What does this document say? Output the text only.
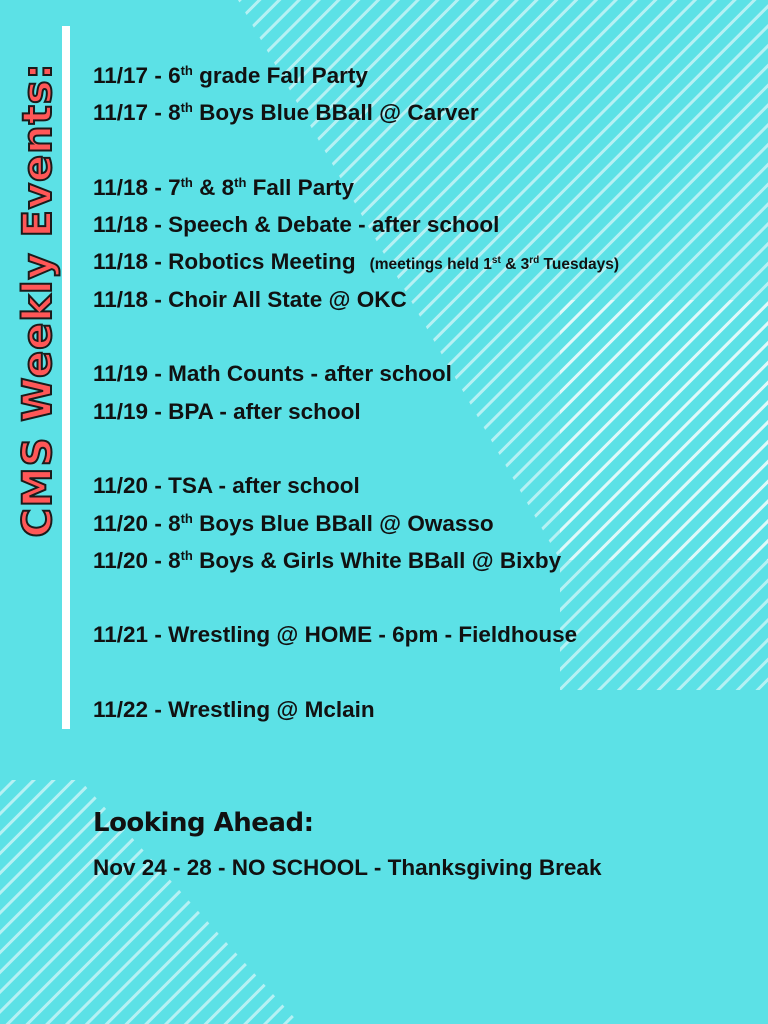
CMS Weekly Events: 11/17 - 6th grade Fall Party
11/17 - 8th Boys Blue BBall @ Carver
11/18 - 7th & 8th Fall Party
11/18 - Speech & Debate - after school
11/18 - Robotics Meeting (meetings held 1st & 3rd Tuesdays)
11/18 - Choir All State @ OKC
11/19 - Math Counts - after school
11/19 - BPA - after school
11/20 - TSA - after school
11/20 - 8th Boys Blue BBall @ Owasso
11/20 - 8th Boys & Girls White BBall @ Bixby
11/21 - Wrestling @ HOME - 6pm - Fieldhouse
11/22 - Wrestling @ Mclain
Looking Ahead:
Nov 24 - 28 - NO SCHOOL - Thanksgiving Break
